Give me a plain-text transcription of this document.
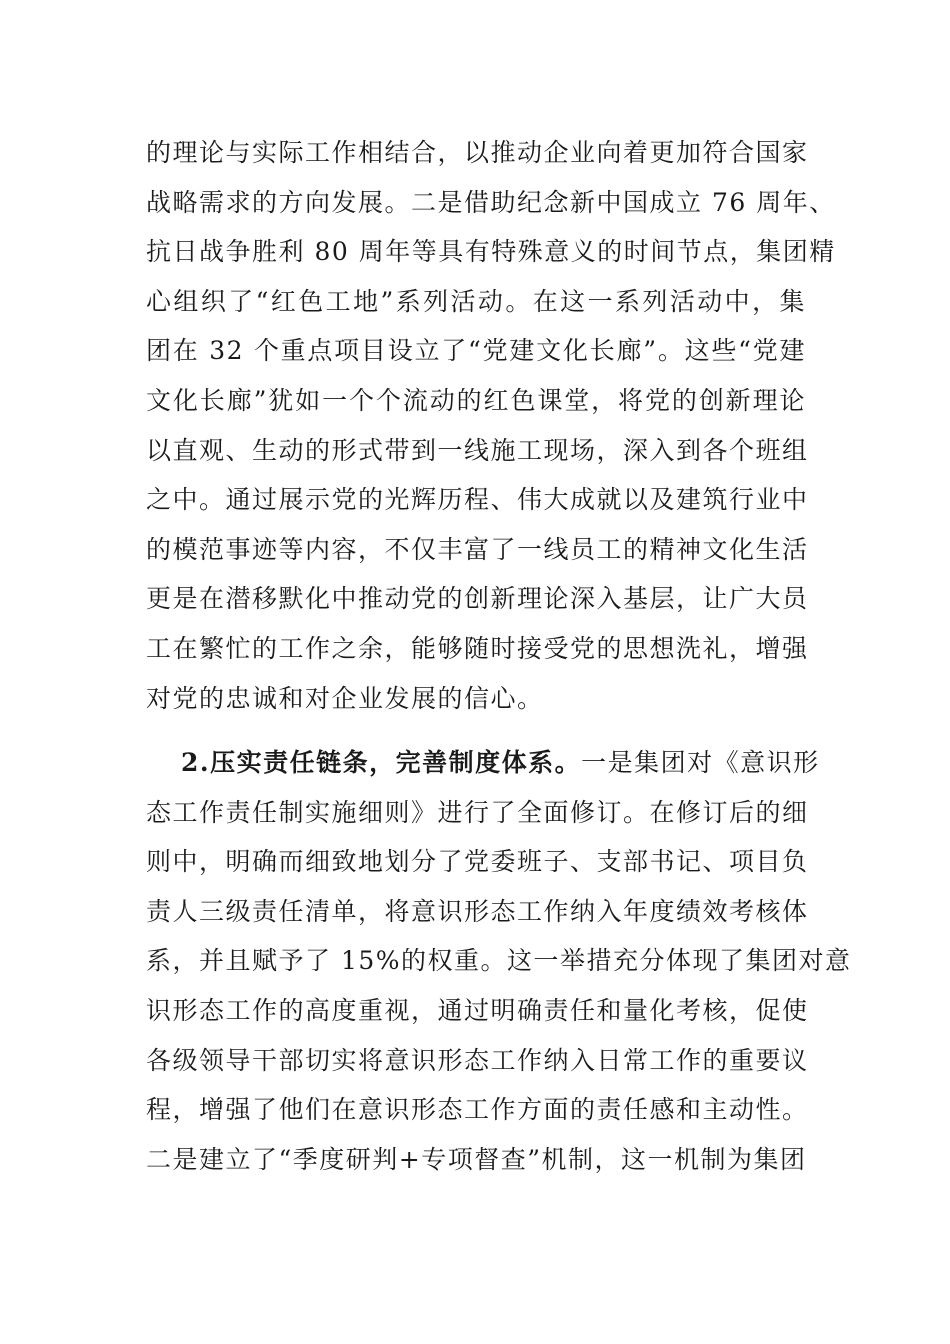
的理论与实际工作相结合，以推动企业向着更加符合国家
战略需求的方向发展。二是借助纪念新中国成立 76 周年、
抗日战争胜利 80 周年等具有特殊意义的时间节点，集团精
心组织了“红色工地”系列活动。在这一系列活动中，集
团在 32 个重点项目设立了“党建文化长廊”。这些“党建
文化长廊”犹如一个个流动的红色课堂，将党的创新理论
以直观、生动的形式带到一线施工现场，深入到各个班组
之中。通过展示党的光辉历程、伟大成就以及建筑行业中
的模范事迹等内容，不仅丰富了一线员工的精神文化生活
更是在潜移默化中推动党的创新理论深入基层，让广大员
工在繁忙的工作之余，能够随时接受党的思想洗礼，增强
对党的忠诚和对企业发展的信心。
2.压实责任链条，完善制度体系。一是集团对《意识形
态工作责任制实施细则》进行了全面修订。在修订后的细
则中，明确而细致地划分了党委班子、支部书记、项目负
责人三级责任清单，将意识形态工作纳入年度绩效考核体
系，并且赋予了 15%的权重。这一举措充分体现了集团对意
识形态工作的高度重视，通过明确责任和量化考核，促使
各级领导干部切实将意识形态工作纳入日常工作的重要议
程，增强了他们在意识形态工作方面的责任感和主动性。
二是建立了“季度研判+专项督查”机制，这一机制为集团
